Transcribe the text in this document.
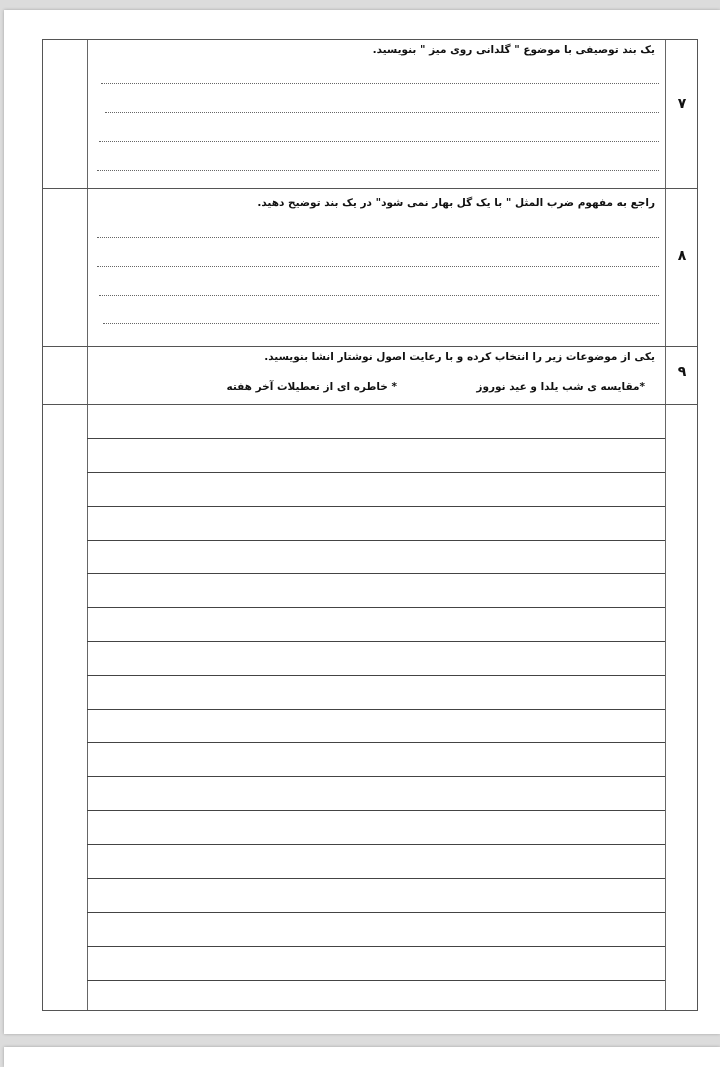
۷
یک بند توصیفی با موضوع " گلدانی روی میز " بنویسید.
۸
راجع به مفهوم ضرب المثل " با یک گل بهار نمی شود" در یک بند توضیح دهید.
۹
یکی از موضوعات زیر را انتخاب کرده و با رعایت اصول نوشتار انشا بنویسید.
*مقایسه ی شب یلدا و عید نوروز
* خاطره ای از تعطیلات آخر هفته
